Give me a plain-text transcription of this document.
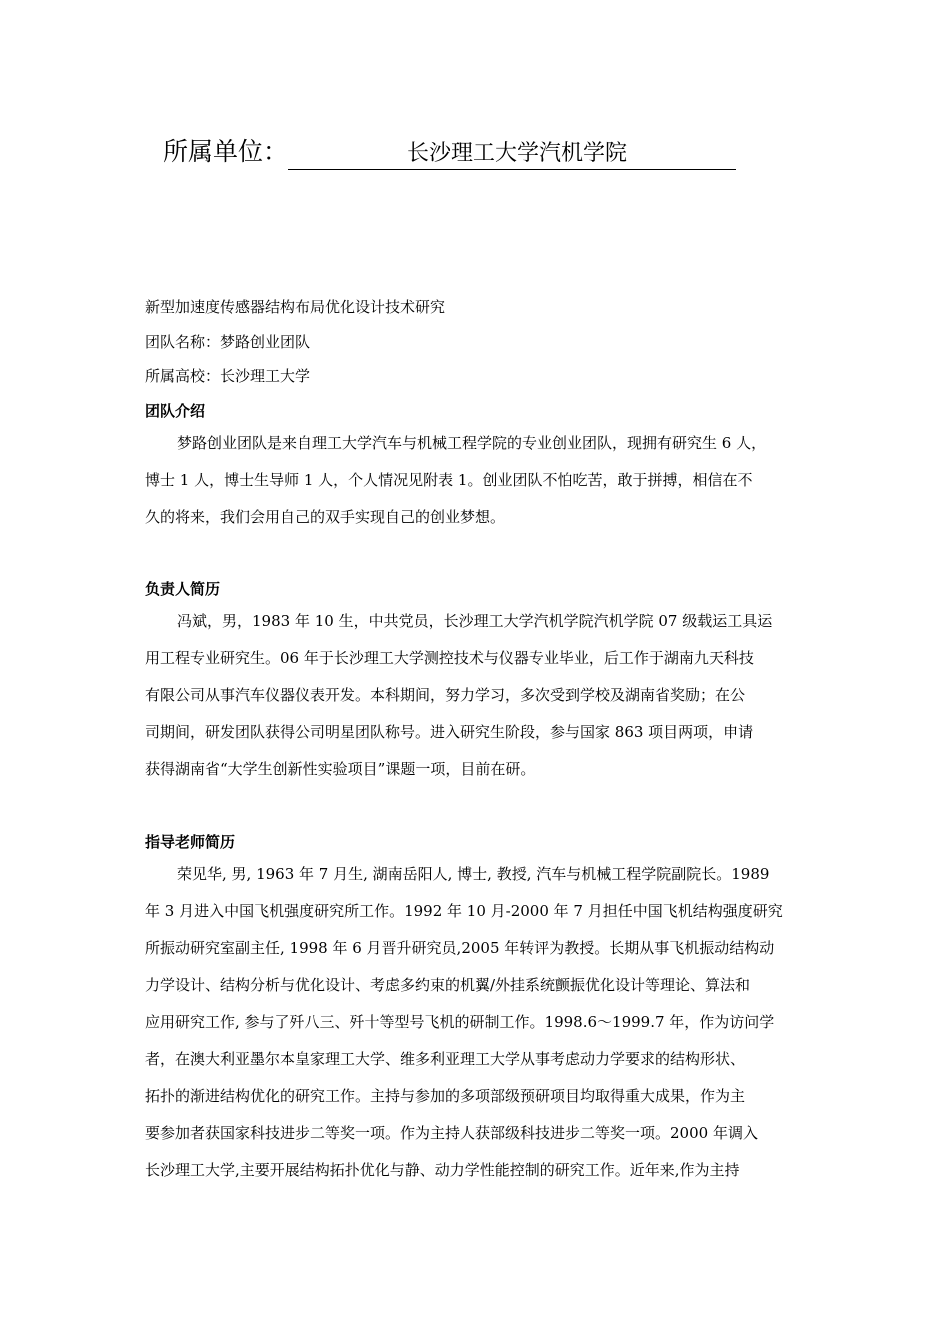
所属单位：	长沙理工大学汽机学院
新型加速度传感器结构布局优化设计技术研究
团队名称：梦路创业团队
所属高校：长沙理工大学
团队介绍
梦路创业团队是来自理工大学汽车与机械工程学院的专业创业团队，现拥有研究生 6 人，
博士 1 人，博士生导师 1 人，个人情况见附表 1。创业团队不怕吃苦，敢于拼搏，相信在不
久的将来，我们会用自己的双手实现自己的创业梦想。
负责人简历
冯斌，男，1983 年 10 生，中共党员，长沙理工大学汽机学院汽机学院 07 级载运工具运
用工程专业研究生。06 年于长沙理工大学测控技术与仪器专业毕业，后工作于湖南九天科技
有限公司从事汽车仪器仪表开发。本科期间，努力学习，多次受到学校及湖南省奖励；在公
司期间，研发团队获得公司明星团队称号。进入研究生阶段，参与国家 863 项目两项，申请
获得湖南省“大学生创新性实验项目”课题一项，目前在研。
指导老师简历
荣见华, 男, 1963 年 7 月生, 湖南岳阳人, 博士, 教授, 汽车与机械工程学院副院长。1989
年 3 月进入中国飞机强度研究所工作。1992 年 10 月-2000 年 7 月担任中国飞机结构强度研究
所振动研究室副主任, 1998 年 6 月晋升研究员,2005 年转评为教授。长期从事飞机振动结构动
力学设计、结构分析与优化设计、考虑多约束的机翼/外挂系统颤振优化设计等理论、算法和
应用研究工作, 参与了歼八三、歼十等型号飞机的研制工作。1998.6～1999.7 年，作为访问学
者，在澳大利亚墨尔本皇家理工大学、维多利亚理工大学从事考虑动力学要求的结构形状、
拓扑的渐进结构优化的研究工作。主持与参加的多项部级预研项目均取得重大成果，作为主
要参加者获国家科技进步二等奖一项。作为主持人获部级科技进步二等奖一项。2000 年调入
长沙理工大学,主要开展结构拓扑优化与静、动力学性能控制的研究工作。近年来,作为主持
